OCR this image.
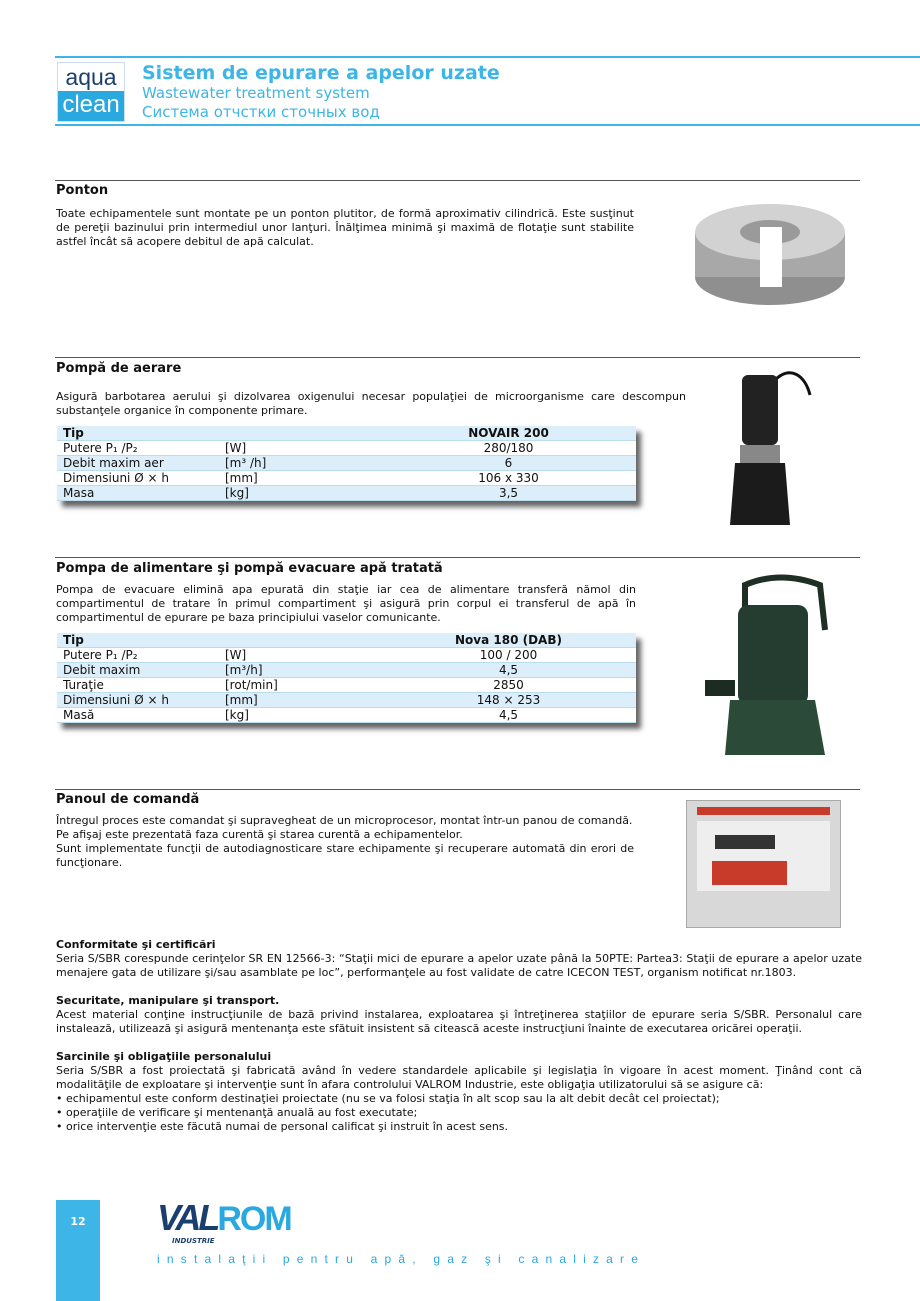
aqua
clean
Sistem de epurare a apelor uzate
Wastewater treatment system
Система отчстки сточных вод
Ponton
Toate echipamentele sunt montate pe un ponton plutitor, de formă aproximativ cilindrică. Este susţinut de pereţii bazinului prin intermediul unor lanţuri. Înălţimea minimă şi maximă de flotaţie sunt stabilite astfel încât să acopere debitul de apă calculat.
Pompă de aerare
Asigură barbotarea aerului şi dizolvarea oxigenului necesar populaţiei de microorganisme care descompun substanţele organice în componente primare.
Tip		NOVAIR 200
Putere P₁ /P₂	[W]	280/180
Debit maxim aer	[m³ /h]	6
Dimensiuni Ø × h	[mm]	106 x 330
Masa	[kg]	3,5
Pompa de alimentare şi pompă evacuare apă tratată
Pompa de evacuare elimină apa epurată din staţie iar cea de alimentare transferă nămol din compartimentul de tratare în primul compartiment şi asigură prin corpul ei transferul de apă în compartimentul de epurare pe baza principiului vaselor comunicante.
Tip		Nova 180 (DAB)
Putere P₁ /P₂	[W]	100 / 200
Debit maxim	[m³/h]	4,5
Turaţie	[rot/min]	2850
Dimensiuni Ø × h	[mm]	148 × 253
Masă	[kg]	4,5
Panoul de comandă
Întregul proces este comandat şi supravegheat de un microprocesor, montat într-un panou de comandă.
Pe afişaj este prezentată faza curentă şi starea curentă a echipamentelor.
Sunt implementate funcţii de autodiagnosticare stare echipamente şi recuperare automată din erori de funcţionare.
Conformitate şi certificări
Seria S/SBR corespunde cerinţelor SR EN 12566-3: “Staţii mici de epurare a apelor uzate până la 50PTE: Partea3: Staţii de epurare a apelor uzate menajere gata de utilizare şi/sau asamblate pe loc”, performanţele au fost validate de catre ICECON TEST, organism notificat nr.1803.
Securitate, manipulare şi transport.
Acest material conţine instrucţiunile de bază privind instalarea, exploatarea şi întreţinerea staţiilor de epurare seria S/SBR. Personalul care instalează, utilizează şi asigură mentenanţa este sfătuit insistent să citească aceste instrucţiuni înainte de executarea oricărei operaţii.
Sarcinile şi obligaţiile personalului
Seria S/SBR a fost proiectată şi fabricată având în vedere standardele aplicabile şi legislaţia în vigoare în acest moment. Ţinând cont că modalităţile de exploatare şi intervenţie sunt în afara controlului VALROM Industrie, este obligaţia utilizatorului să se asigure că:
• echipamentul este conform destinaţiei proiectate (nu se va folosi staţia în alt scop sau la alt debit decât cel proiectat);
• operaţiile de verificare şi mentenanţă anuală au fost executate;
• orice intervenţie este făcută numai de personal calificat şi instruit în acest sens.
12	VALROM
INDUSTRIE
instalaţii pentru apă, gaz şi canalizare
